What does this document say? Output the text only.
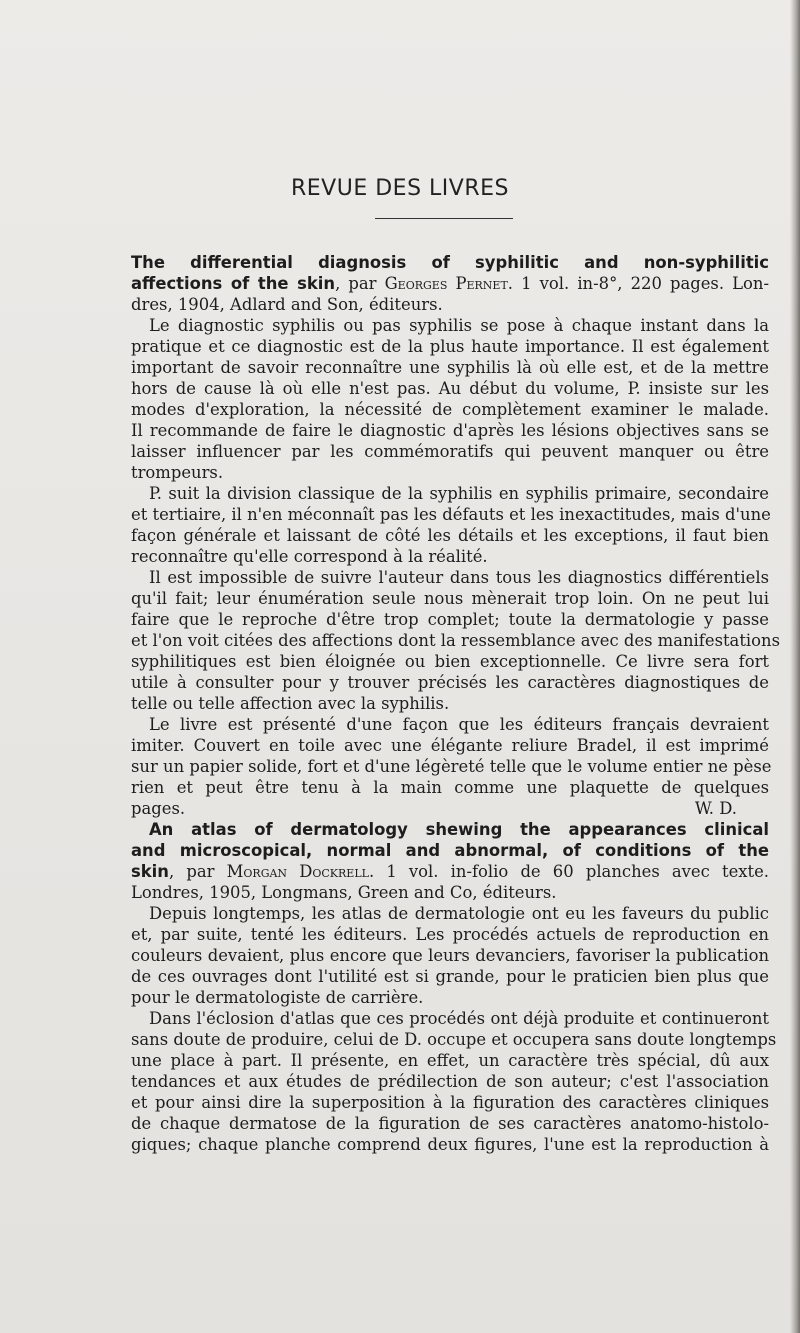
REVUE DES LIVRES
The differential diagnosis of syphilitic and non-syphilitic
affections of the skin, par Georges Pernet. 1 vol. in-8°, 220 pages. Lon-
dres, 1904, Adlard and Son, éditeurs.
Le diagnostic syphilis ou pas syphilis se pose à chaque instant dans la
pratique et ce diagnostic est de la plus haute importance. Il est également
important de savoir reconnaître une syphilis là où elle est, et de la mettre
hors de cause là où elle n'est pas. Au début du volume, P. insiste sur les
modes d'exploration, la nécessité de complètement examiner le malade.
Il recommande de faire le diagnostic d'après les lésions objectives sans se
laisser influencer par les commémoratifs qui peuvent manquer ou être
trompeurs.
P. suit la division classique de la syphilis en syphilis primaire, secondaire
et tertiaire, il n'en méconnaît pas les défauts et les inexactitudes, mais d'une
façon générale et laissant de côté les détails et les exceptions, il faut bien
reconnaître qu'elle correspond à la réalité.
Il est impossible de suivre l'auteur dans tous les diagnostics différentiels
qu'il fait; leur énumération seule nous mènerait trop loin. On ne peut lui
faire que le reproche d'être trop complet; toute la dermatologie y passe
et l'on voit citées des affections dont la ressemblance avec des manifestations
syphilitiques est bien éloignée ou bien exceptionnelle. Ce livre sera fort
utile à consulter pour y trouver précisés les caractères diagnostiques de
telle ou telle affection avec la syphilis.
Le livre est présenté d'une façon que les éditeurs français devraient
imiter. Couvert en toile avec une élégante reliure Bradel, il est imprimé
sur un papier solide, fort et d'une légèreté telle que le volume entier ne pèse
rien et peut être tenu à la main comme une plaquette de quelques
pages.	W. D.
An atlas of dermatology shewing the appearances clinical
and microscopical, normal and abnormal, of conditions of the
skin, par Morgan Dockrell. 1 vol. in-folio de 60 planches avec texte.
Londres, 1905, Longmans, Green and Co, éditeurs.
Depuis longtemps, les atlas de dermatologie ont eu les faveurs du public
et, par suite, tenté les éditeurs. Les procédés actuels de reproduction en
couleurs devaient, plus encore que leurs devanciers, favoriser la publication
de ces ouvrages dont l'utilité est si grande, pour le praticien bien plus que
pour le dermatologiste de carrière.
Dans l'éclosion d'atlas que ces procédés ont déjà produite et continueront
sans doute de produire, celui de D. occupe et occupera sans doute longtemps
une place à part. Il présente, en effet, un caractère très spécial, dû aux
tendances et aux études de prédilection de son auteur; c'est l'association
et pour ainsi dire la superposition à la figuration des caractères cliniques
de chaque dermatose de la figuration de ses caractères anatomo-histolo-
giques; chaque planche comprend deux figures, l'une est la reproduction à
